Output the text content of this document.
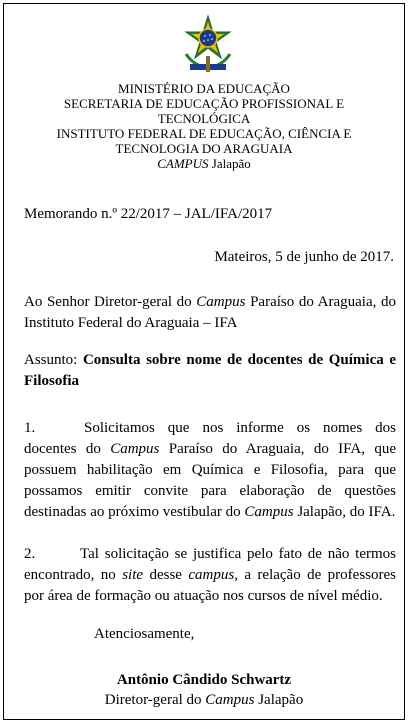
MINISTÉRIO DA EDUCAÇÃO
SECRETARIA DE EDUCAÇÃO PROFISSIONAL E TECNOLÓGICA
INSTITUTO FEDERAL DE EDUCAÇÃO, CIÊNCIA E TECNOLOGIA DO ARAGUAIA
CAMPUS Jalapão
Memorando n.º 22/2017 – JAL/IFA/2017
Mateiros, 5 de junho de 2017.
Ao Senhor Diretor-geral do Campus Paraíso do Araguaia, do Instituto Federal do Araguaia – IFA
Assunto: Consulta sobre nome de docentes de Química e Filosofia
1.	Solicitamos que nos informe os nomes dos docentes do Campus Paraíso do Araguaia, do IFA, que possuem habilitação em Química e Filosofia, para que possamos emitir convite para elaboração de questões destinadas ao próximo vestibular do Campus Jalapão, do IFA.
2.	Tal solicitação se justifica pelo fato de não termos encontrado, no site desse campus, a relação de professores por área de formação ou atuação nos cursos de nível médio.
Atenciosamente,
Antônio Cândido Schwartz
Diretor-geral do Campus Jalapão
